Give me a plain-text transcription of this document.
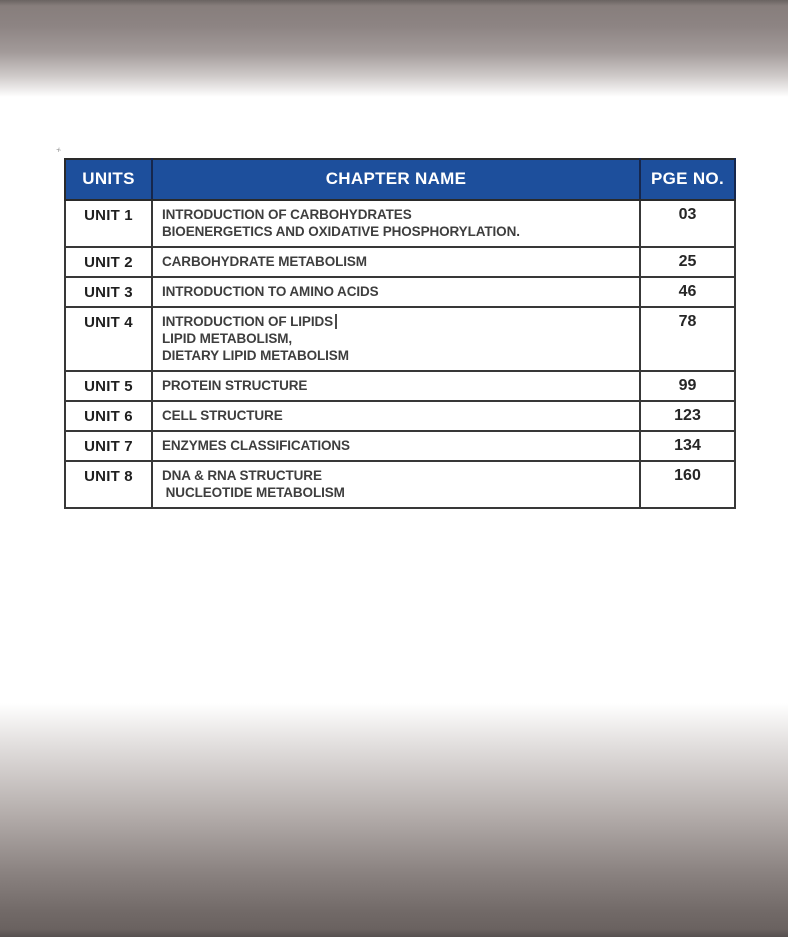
+
UNITS	CHAPTER NAME	PGE NO.
UNIT 1	INTRODUCTION OF CARBOHYDRATES
BIOENERGETICS AND OXIDATIVE PHOSPHORYLATION.	03
UNIT 2	CARBOHYDRATE METABOLISM	25
UNIT 3	INTRODUCTION TO AMINO ACIDS	46
UNIT 4	INTRODUCTION OF LIPIDS
LIPID METABOLISM,
DIETARY LIPID METABOLISM	78
UNIT 5	PROTEIN STRUCTURE	99
UNIT 6	CELL STRUCTURE	123
UNIT 7	ENZYMES CLASSIFICATIONS	134
UNIT 8	DNA & RNA STRUCTURE
NUCLEOTIDE METABOLISM	160
